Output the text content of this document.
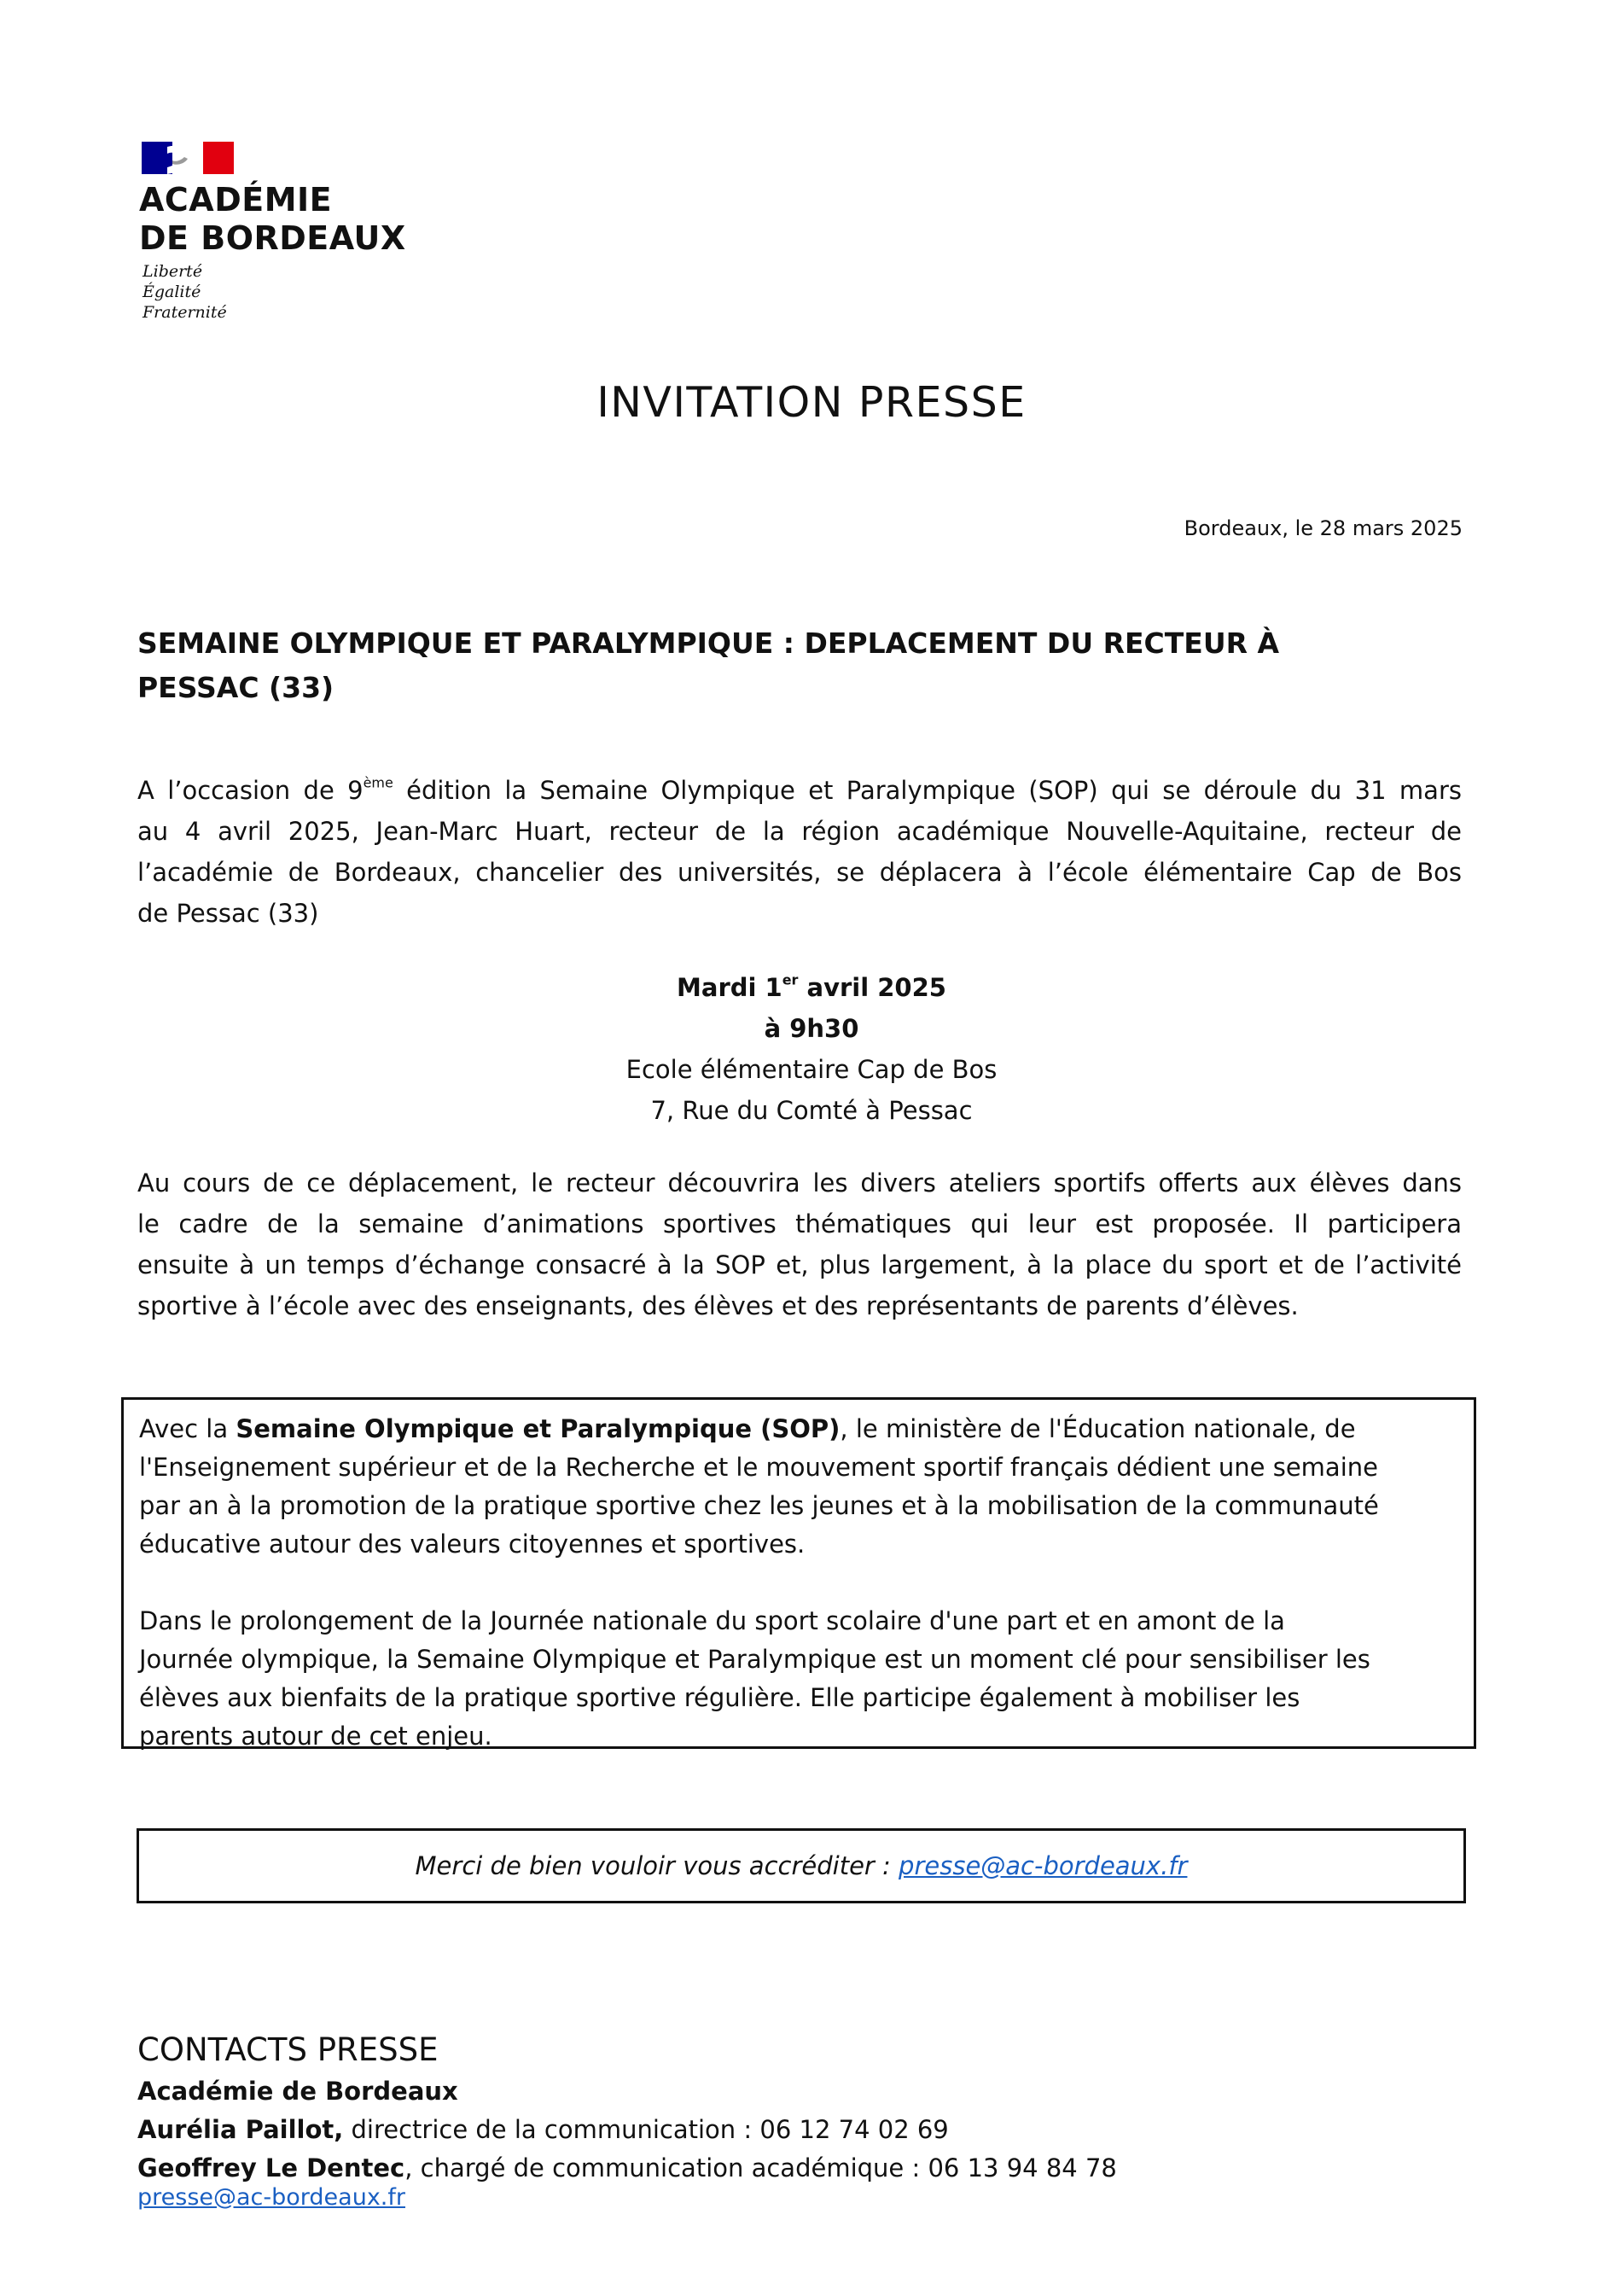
ACADÉMIE
DE BORDEAUX
Liberté
Égalité
Fraternité
INVITATION PRESSE
Bordeaux, le 28 mars 2025
SEMAINE OLYMPIQUE ET PARALYMPIQUE : DEPLACEMENT DU RECTEUR À
PESSAC (33)
A l’occasion de 9ème édition la Semaine Olympique et Paralympique (SOP) qui se déroule du 31 mars
au 4 avril 2025, Jean-Marc Huart, recteur de la région académique Nouvelle-Aquitaine, recteur de
l’académie de Bordeaux, chancelier des universités, se déplacera à l’école élémentaire Cap de Bos
de Pessac (33)
Mardi 1er avril 2025
à 9h30
Ecole élémentaire Cap de Bos
7, Rue du Comté à Pessac
Au cours de ce déplacement, le recteur découvrira les divers ateliers sportifs offerts aux élèves dans
le cadre de la semaine d’animations sportives thématiques qui leur est proposée. Il participera
ensuite à un temps d’échange consacré à la SOP et, plus largement, à la place du sport et de l’activité
sportive à l’école avec des enseignants, des élèves et des représentants de parents d’élèves.
Avec la Semaine Olympique et Paralympique (SOP), le ministère de l'Éducation nationale, de
l'Enseignement supérieur et de la Recherche et le mouvement sportif français dédient une semaine
par an à la promotion de la pratique sportive chez les jeunes et à la mobilisation de la communauté
éducative autour des valeurs citoyennes et sportives.
Dans le prolongement de la Journée nationale du sport scolaire d'une part et en amont de la
Journée olympique, la Semaine Olympique et Paralympique est un moment clé pour sensibiliser les
élèves aux bienfaits de la pratique sportive régulière. Elle participe également à mobiliser les
parents autour de cet enjeu.
Merci de bien vouloir vous accréditer : presse@ac-bordeaux.fr
CONTACTS PRESSE
Académie de Bordeaux
Aurélia Paillot, directrice de la communication : 06 12 74 02 69
Geoffrey Le Dentec, chargé de communication académique : 06 13 94 84 78
presse@ac-bordeaux.fr
